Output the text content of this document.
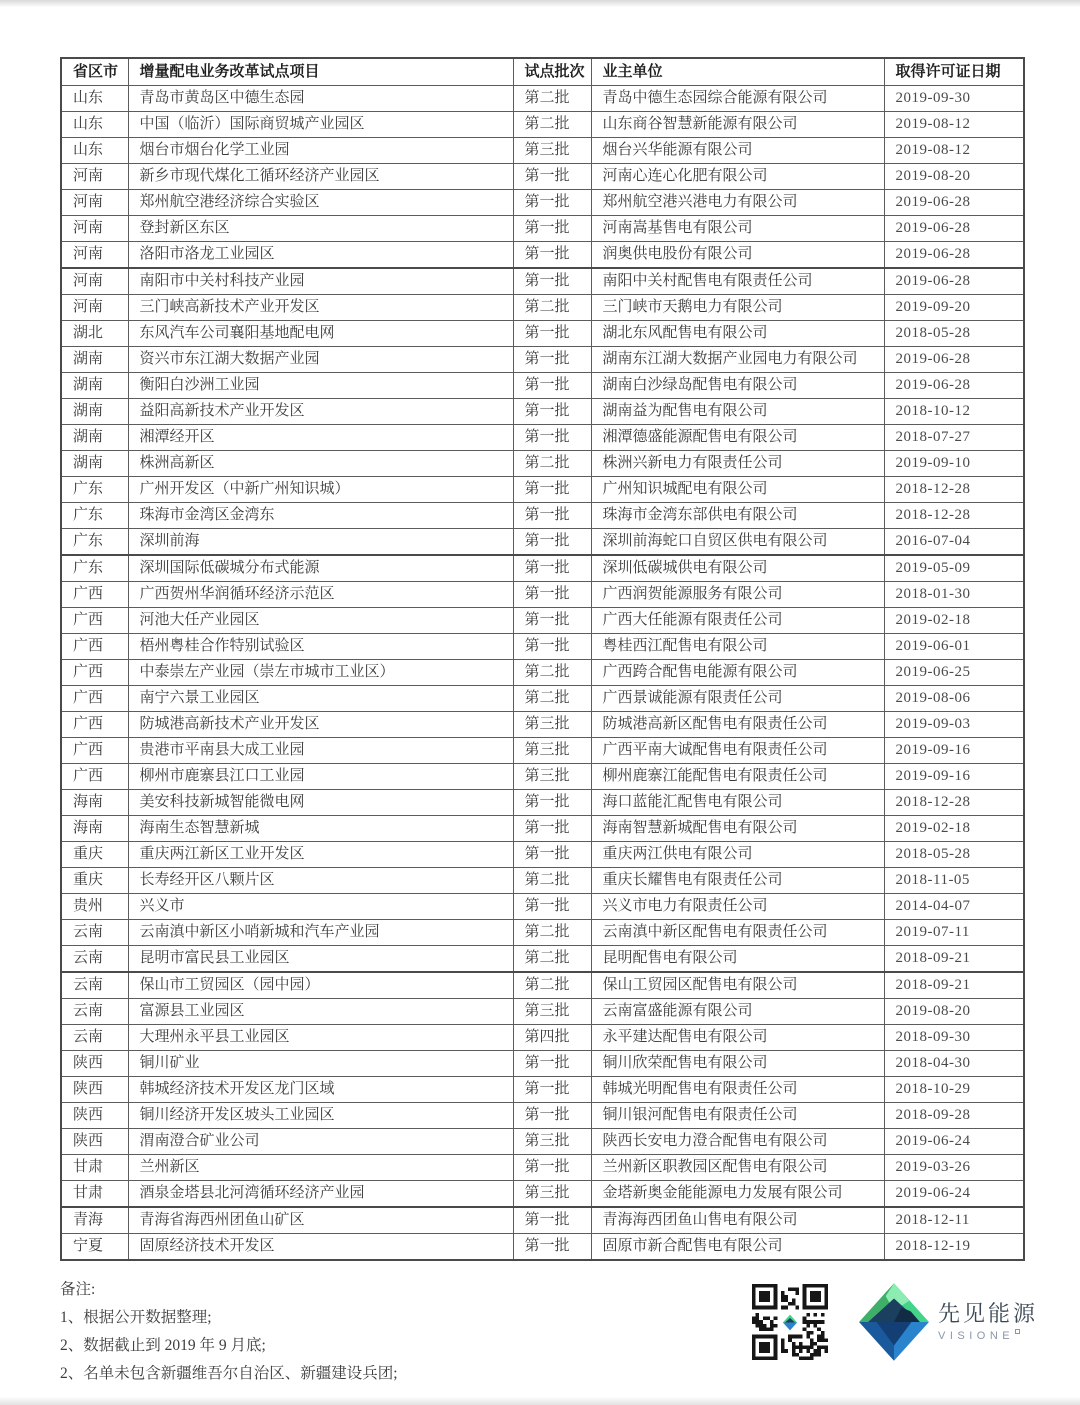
省区市	增量配电业务改革试点项目	试点批次	业主单位	取得许可证日期
山东	青岛市黄岛区中德生态园	第二批	青岛中德生态园综合能源有限公司	2019-09-30
山东	中国（临沂）国际商贸城产业园区	第二批	山东商谷智慧新能源有限公司	2019-08-12
山东	烟台市烟台化学工业园	第三批	烟台兴华能源有限公司	2019-08-12
河南	新乡市现代煤化工循环经济产业园区	第一批	河南心连心化肥有限公司	2019-08-20
河南	郑州航空港经济综合实验区	第一批	郑州航空港兴港电力有限公司	2019-06-28
河南	登封新区东区	第一批	河南嵩基售电有限公司	2019-06-28
河南	洛阳市洛龙工业园区	第一批	润奥供电股份有限公司	2019-06-28
河南	南阳市中关村科技产业园	第一批	南阳中关村配售电有限责任公司	2019-06-28
河南	三门峡高新技术产业开发区	第二批	三门峡市天鹅电力有限公司	2019-09-20
湖北	东风汽车公司襄阳基地配电网	第一批	湖北东风配售电有限公司	2018-05-28
湖南	资兴市东江湖大数据产业园	第一批	湖南东江湖大数据产业园电力有限公司	2019-06-28
湖南	衡阳白沙洲工业园	第一批	湖南白沙绿岛配售电有限公司	2019-06-28
湖南	益阳高新技术产业开发区	第一批	湖南益为配售电有限公司	2018-10-12
湖南	湘潭经开区	第一批	湘潭德盛能源配售电有限公司	2018-07-27
湖南	株洲高新区	第二批	株洲兴新电力有限责任公司	2019-09-10
广东	广州开发区（中新广州知识城）	第一批	广州知识城配电有限公司	2018-12-28
广东	珠海市金湾区金湾东	第一批	珠海市金湾东部供电有限公司	2018-12-28
广东	深圳前海	第一批	深圳前海蛇口自贸区供电有限公司	2016-07-04
广东	深圳国际低碳城分布式能源	第一批	深圳低碳城供电有限公司	2019-05-09
广西	广西贺州华润循环经济示范区	第一批	广西润贺能源服务有限公司	2018-01-30
广西	河池大任产业园区	第一批	广西大任能源有限责任公司	2019-02-18
广西	梧州粤桂合作特别试验区	第一批	粤桂西江配售电有限公司	2019-06-01
广西	中泰崇左产业园（崇左市城市工业区）	第二批	广西跨合配售电能源有限公司	2019-06-25
广西	南宁六景工业园区	第二批	广西景诚能源有限责任公司	2019-08-06
广西	防城港高新技术产业开发区	第三批	防城港高新区配售电有限责任公司	2019-09-03
广西	贵港市平南县大成工业园	第三批	广西平南大诚配售电有限责任公司	2019-09-16
广西	柳州市鹿寨县江口工业园	第三批	柳州鹿寨江能配售电有限责任公司	2019-09-16
海南	美安科技新城智能微电网	第一批	海口蓝能汇配售电有限公司	2018-12-28
海南	海南生态智慧新城	第一批	海南智慧新城配售电有限公司	2019-02-18
重庆	重庆两江新区工业开发区	第一批	重庆两江供电有限公司	2018-05-28
重庆	长寿经开区八颗片区	第二批	重庆长耀售电有限责任公司	2018-11-05
贵州	兴义市	第一批	兴义市电力有限责任公司	2014-04-07
云南	云南滇中新区小哨新城和汽车产业园	第二批	云南滇中新区配售电有限责任公司	2019-07-11
云南	昆明市富民县工业园区	第二批	昆明配售电有限公司	2018-09-21
云南	保山市工贸园区（园中园）	第二批	保山工贸园区配售电有限公司	2018-09-21
云南	富源县工业园区	第三批	云南富盛能源有限公司	2019-08-20
云南	大理州永平县工业园区	第四批	永平建达配售电有限公司	2018-09-30
陕西	铜川矿业	第一批	铜川欣荣配售电有限公司	2018-04-30
陕西	韩城经济技术开发区龙门区域	第一批	韩城光明配售电有限责任公司	2018-10-29
陕西	铜川经济开发区坡头工业园区	第一批	铜川银河配售电有限责任公司	2018-09-28
陕西	渭南澄合矿业公司	第三批	陕西长安电力澄合配售电有限公司	2019-06-24
甘肃	兰州新区	第一批	兰州新区职教园区配售电有限公司	2019-03-26
甘肃	酒泉金塔县北河湾循环经济产业园	第三批	金塔新奥金能能源电力发展有限公司	2019-06-24
青海	青海省海西州团鱼山矿区	第一批	青海海西团鱼山售电有限公司	2018-12-11
宁夏	固原经济技术开发区	第一批	固原市新合配售电有限公司	2018-12-19
备注:
1、根据公开数据整理;
2、数据截止到 2019 年 9 月底;
2、名单未包含新疆维吾尔自治区、新疆建设兵团;
先见能源
VISIONE
